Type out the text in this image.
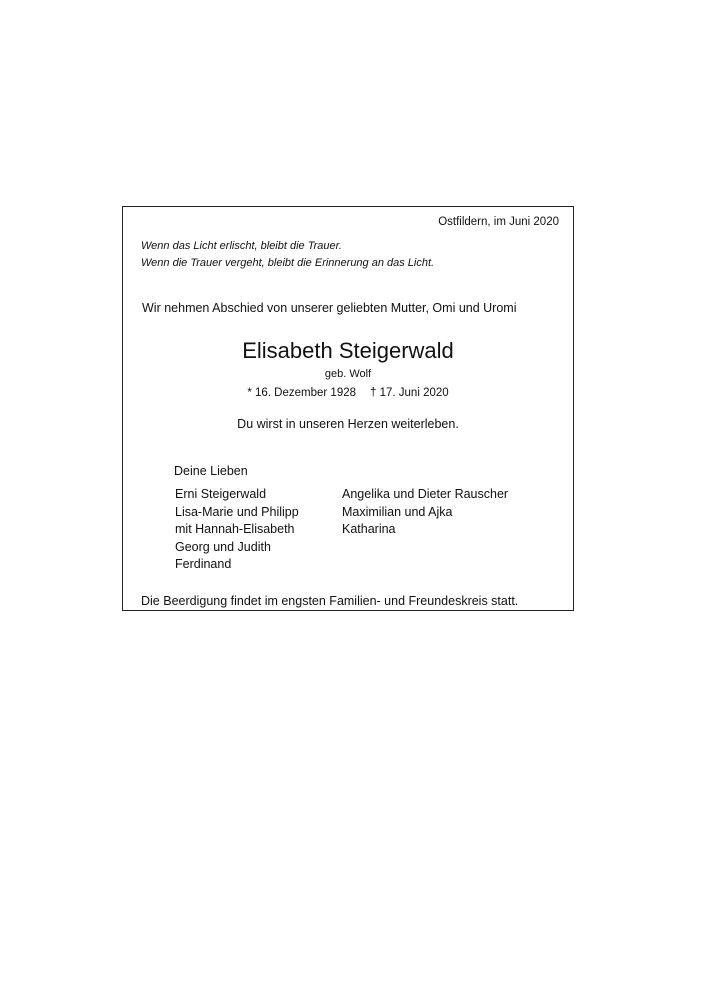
Ostfildern, im Juni 2020

Wenn das Licht erlischt, bleibt die Trauer.

Wenn die Trauer vergeht, bleibt die Erinnerung an das Licht.

Wir nehmen Abschied von unserer geliebten Mutter, Omi und Uromi

Elisabeth Steigerwald

geb. Wolf

* 16. Dezember 1928 † 17. Juni 2020

Du wirst in unseren Herzen weiterleben.

Deine Lieben

Erni Steigerwald
Lisa-Marie und Philipp
mit Hannah-Elisabeth
Georg und Judith
Ferdinand
Angelika und Dieter Rauscher
Maximilian und Ajka
Katharina

Die Beerdigung findet im engsten Familien- und Freundeskreis statt.
